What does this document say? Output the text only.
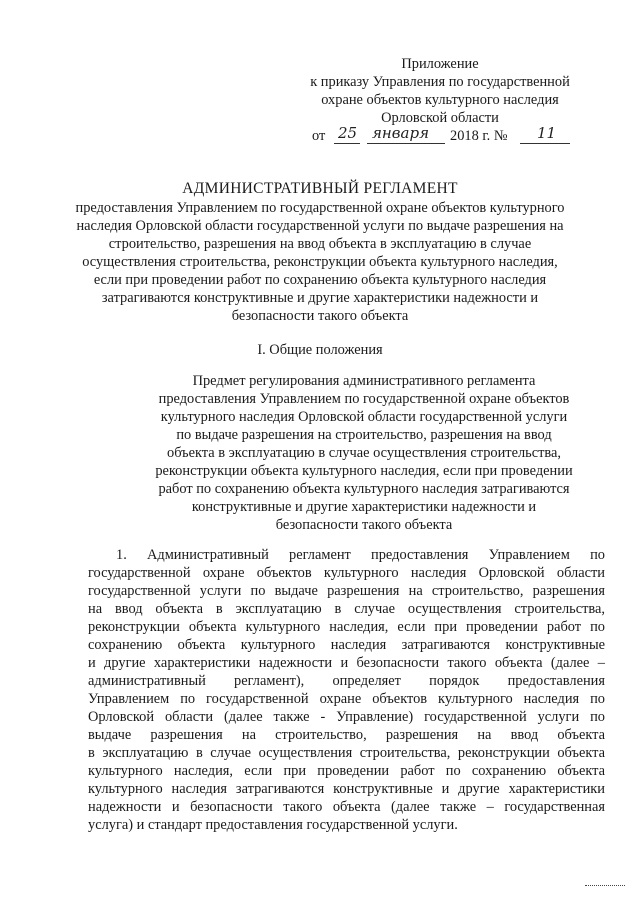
Приложение
к приказу Управления по государственной
охране объектов культурного наследия
Орловской области
от 25 января 2018 г. № 11
АДМИНИСТРАТИВНЫЙ РЕГЛАМЕНТ
предоставления Управлением по государственной охране объектов культурного
наследия Орловской области государственной услуги по выдаче разрешения на
строительство, разрешения на ввод объекта в эксплуатацию в случае
осуществления строительства, реконструкции объекта культурного наследия,
если при проведении работ по сохранению объекта культурного наследия
затрагиваются конструктивные и другие характеристики надежности и
безопасности такого объекта
I. Общие положения
Предмет регулирования административного регламента
предоставления Управлением по государственной охране объектов
культурного наследия Орловской области государственной услуги
по выдаче разрешения на строительство, разрешения на ввод
объекта в эксплуатацию в случае осуществления строительства,
реконструкции объекта культурного наследия, если при проведении
работ по сохранению объекта культурного наследия затрагиваются
конструктивные и другие характеристики надежности и
безопасности такого объекта
1. Административный регламент предоставления Управлением по
государственной охране объектов культурного наследия Орловской области
государственной услуги по выдаче разрешения на строительство, разрешения
на ввод объекта в эксплуатацию в случае осуществления строительства,
реконструкции объекта культурного наследия, если при проведении работ по
сохранению объекта культурного наследия затрагиваются конструктивные
и другие характеристики надежности и безопасности такого объекта (далее –
административный регламент), определяет порядок предоставления
Управлением по государственной охране объектов культурного наследия по
Орловской области (далее также - Управление) государственной услуги по
выдаче разрешения на строительство, разрешения на ввод объекта
в эксплуатацию в случае осуществления строительства, реконструкции объекта
культурного наследия, если при проведении работ по сохранению объекта
культурного наследия затрагиваются конструктивные и другие характеристики
надежности и безопасности такого объекта (далее также – государственная
услуга) и стандарт предоставления государственной услуги.
